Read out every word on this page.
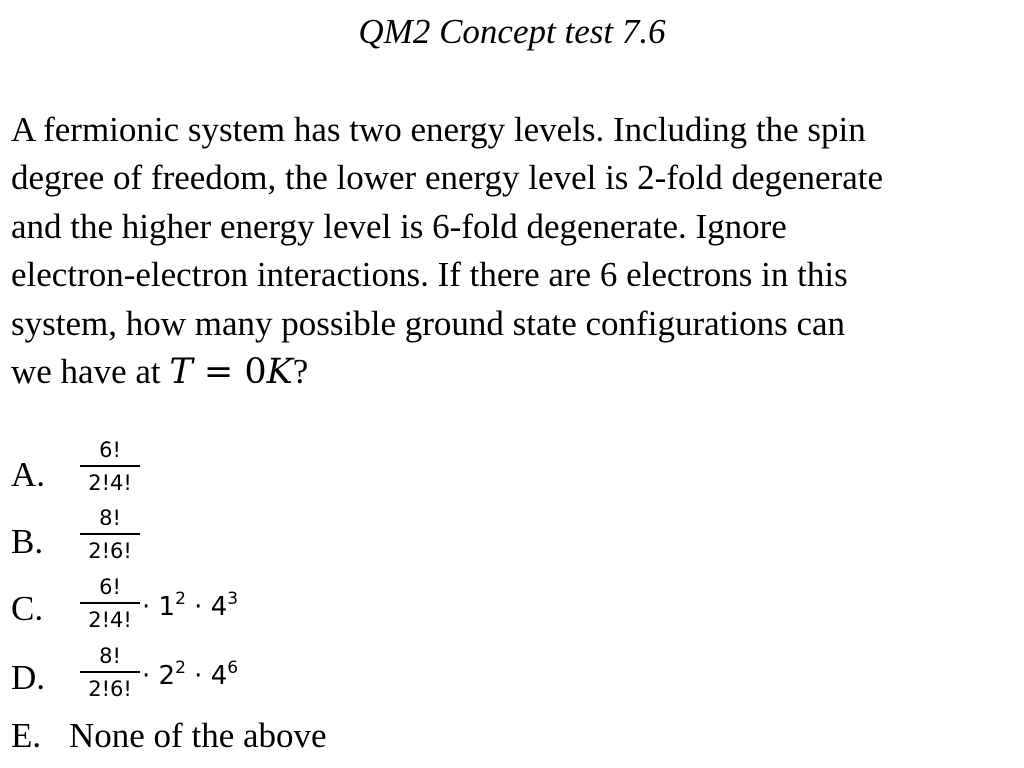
QM2 Concept test 7.6
A fermionic system has two energy levels. Including the spin
degree of freedom, the lower energy level is 2-fold degenerate
and the higher energy level is 6-fold degenerate. Ignore
electron-electron interactions. If there are 6 electrons in this
system, how many possible ground state configurations can
we have at T = 0K?
A.
6!
2!4!
B.
8!
2!6!
C.
6!
2!4! · $1^2 \cdot 4^3$
D.
8!
2!6! · $2^2 \cdot 4^6$
E. None of the above
